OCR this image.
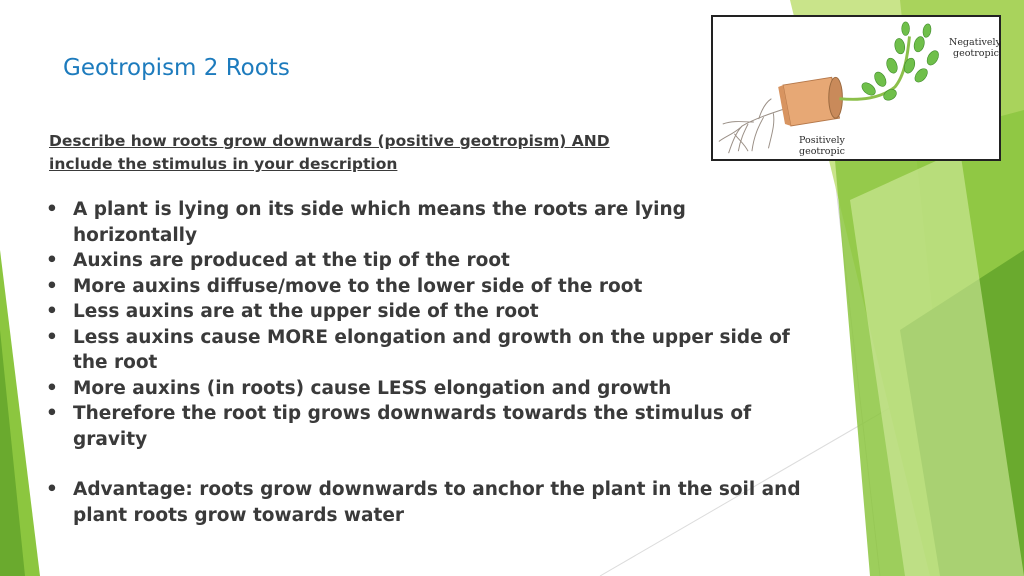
Geotropism 2 Roots
Describe how roots grow downwards (positive geotropism) AND
include the stimulus in your description
• A plant is lying on its side which means the roots are lying horizontally
• Auxins are produced at the tip of the root
• More auxins diffuse/move to the lower side of the root
• Less auxins are at the upper side of the root
• Less auxins cause MORE elongation and growth on the upper side of the root
• More auxins (in roots) cause LESS elongation and growth
• Therefore the root tip grows downwards towards the stimulus of gravity
• Advantage: roots grow downwards to anchor the plant in the soil and plant roots grow towards water
Negatively
geotropic
Positively
geotropic
